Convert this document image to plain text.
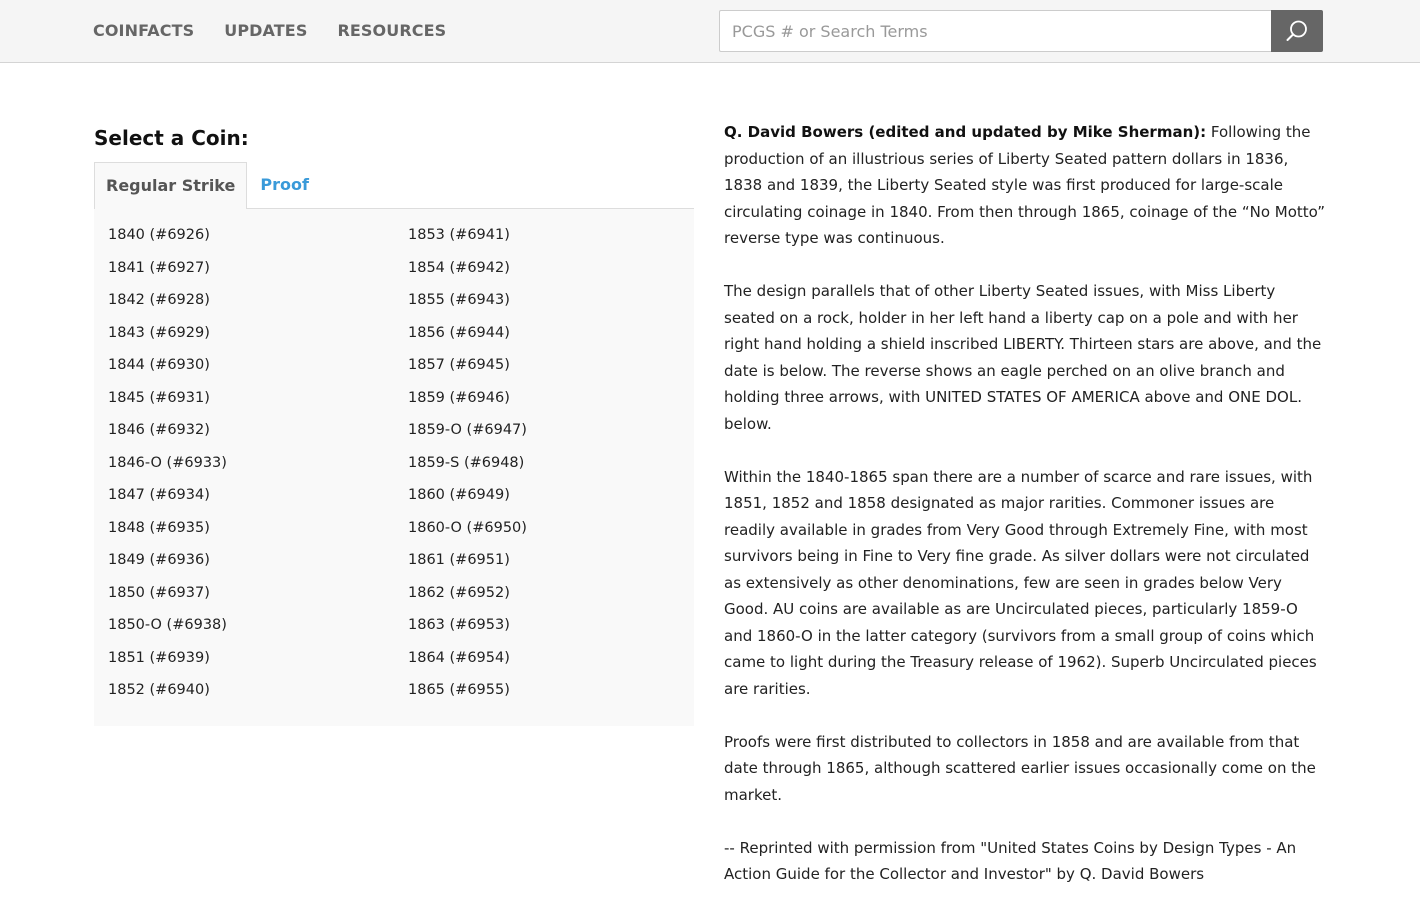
COINFACTS UPDATES RESOURCES
PCGS # or Search Terms
Select a Coin:
Regular Strike	Proof
1840 (#6926)
1841 (#6927)
1842 (#6928)
1843 (#6929)
1844 (#6930)
1845 (#6931)
1846 (#6932)
1846-O (#6933)
1847 (#6934)
1848 (#6935)
1849 (#6936)
1850 (#6937)
1850-O (#6938)
1851 (#6939)
1852 (#6940)
1853 (#6941)
1854 (#6942)
1855 (#6943)
1856 (#6944)
1857 (#6945)
1859 (#6946)
1859-O (#6947)
1859-S (#6948)
1860 (#6949)
1860-O (#6950)
1861 (#6951)
1862 (#6952)
1863 (#6953)
1864 (#6954)
1865 (#6955)

Q. David Bowers (edited and updated by Mike Sherman): Following the production of an illustrious series of Liberty Seated pattern dollars in 1836, 1838 and 1839, the Liberty Seated style was first produced for large-scale circulating coinage in 1840. From then through 1865, coinage of the “No Motto” reverse type was continuous.

The design parallels that of other Liberty Seated issues, with Miss Liberty seated on a rock, holder in her left hand a liberty cap on a pole and with her right hand holding a shield inscribed LIBERTY. Thirteen stars are above, and the date is below. The reverse shows an eagle perched on an olive branch and holding three arrows, with UNITED STATES OF AMERICA above and ONE DOL. below.

Within the 1840-1865 span there are a number of scarce and rare issues, with 1851, 1852 and 1858 designated as major rarities. Commoner issues are readily available in grades from Very Good through Extremely Fine, with most survivors being in Fine to Very fine grade. As silver dollars were not circulated as extensively as other denominations, few are seen in grades below Very Good. AU coins are available as are Uncirculated pieces, particularly 1859-O and 1860-O in the latter category (survivors from a small group of coins which came to light during the Treasury release of 1962). Superb Uncirculated pieces are rarities.

Proofs were first distributed to collectors in 1858 and are available from that date through 1865, although scattered earlier issues occasionally come on the market.

-- Reprinted with permission from "United States Coins by Design Types - An Action Guide for the Collector and Investor" by Q. David Bowers
